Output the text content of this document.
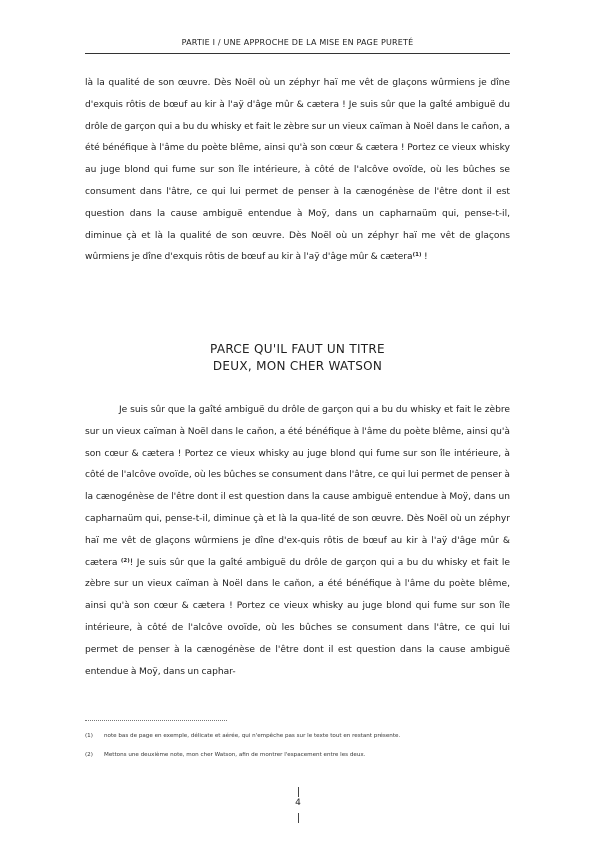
PARTIE I / UNE APPROCHE DE LA MISE EN PAGE PURETÉ

là la qualité de son œuvre. Dès Noël où un zéphyr haï me vêt de glaçons wûrmiens je dîne d'exquis rôtis de bœuf au kir à l'aÿ d'âge mûr & cætera ! Je suis sûr que la gaîté ambiguë du drôle de garçon qui a bu du whisky et fait le zèbre sur un vieux caïman à Noël dans le caňon, a été bénéfique à l'âme du poète blême, ainsi qu'à son cœur & cætera ! Portez ce vieux whisky au juge blond qui fume sur son île intérieure, à côté de l'alcôve ovoïde, où les bûches se consument dans l'âtre, ce qui lui permet de penser à la cænogénèse de l'être dont il est question dans la cause ambiguë entendue à Moÿ, dans un capharnaüm qui, pense-t-il, diminue çà et là la qualité de son œuvre. Dès Noël où un zéphyr haï me vêt de glaçons wûrmiens je dîne d'exquis rôtis de bœuf au kir à l'aÿ d'âge mûr & cætera$^{(1)}$ !

PARCE QU'IL FAUT UN TITRE
DEUX, MON CHER WATSON

Je suis sûr que la gaîté ambiguë du drôle de garçon qui a bu du whisky et fait le zèbre sur un vieux caïman à Noël dans le caňon, a été bénéfique à l'âme du poète blême, ainsi qu'à son cœur & cætera ! Portez ce vieux whisky au juge blond qui fume sur son île intérieure, à côté de l'alcôve ovoïde, où les bûches se consument dans l'âtre, ce qui lui permet de penser à la cænogénèse de l'être dont il est question dans la cause ambiguë entendue à Moÿ, dans un capharnaüm qui, pense-t-il, diminue çà et là la qua-lité de son œuvre. Dès Noël où un zéphyr haï me vêt de glaçons wûrmiens je dîne d'ex-quis rôtis de bœuf au kir à l'aÿ d'âge mûr & cætera $^{(2)}$! Je suis sûr que la gaîté ambiguë du drôle de garçon qui a bu du whisky et fait le zèbre sur un vieux caïman à Noël dans le caňon, a été bénéfique à l'âme du poète blême, ainsi qu'à son cœur & cætera ! Portez ce vieux whisky au juge blond qui fume sur son île intérieure, à côté de l'alcôve ovoïde, où les bûches se consument dans l'âtre, ce qui lui permet de penser à la cænogénèse de l'être dont il est question dans la cause ambiguë entendue à Moÿ, dans un caphar-

(1) note bas de page en exemple, délicate et aérée, qui n'empêche pas sur le texte tout en restant présente.
(2) Mettons une deuxième note, mon cher Watson, afin de montrer l'espacement entre les deux.
4
